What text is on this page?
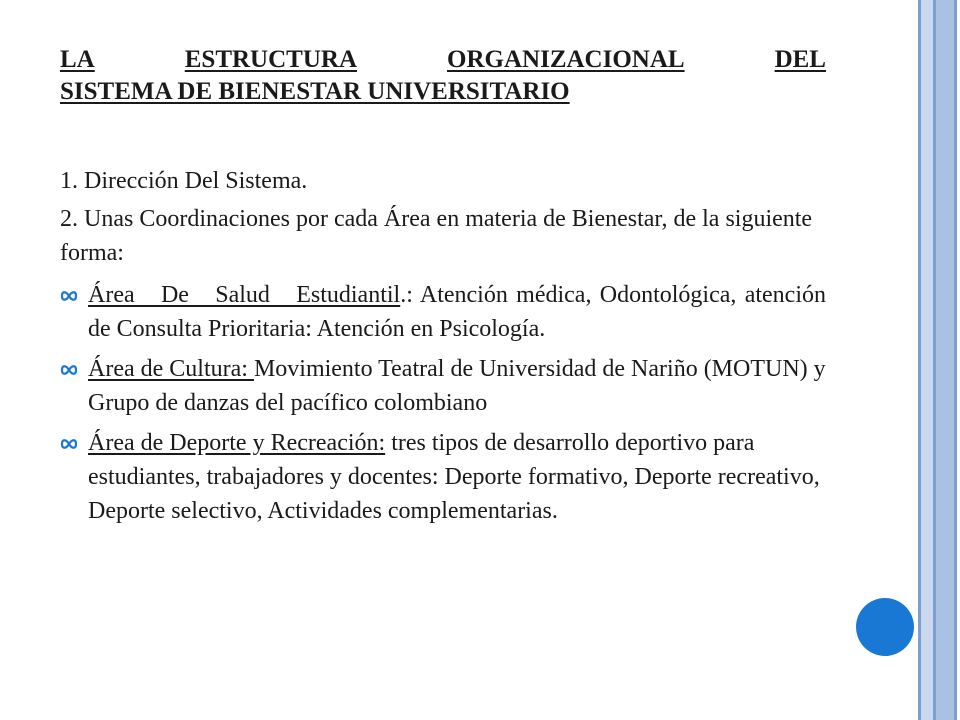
LA	ESTRUCTURA	ORGANIZACIONAL	DEL
SISTEMA DE BIENESTAR UNIVERSITARIO

1. Dirección Del Sistema.

2. Unas Coordinaciones por cada Área en materia de Bienestar, de la siguiente forma:

Área De Salud Estudiantil.: Atención médica, Odontológica, atención de Consulta Prioritaria: Atención en Psicología.
Área de Cultura: Movimiento Teatral de Universidad de Nariño (MOTUN) y Grupo de danzas del pacífico colombiano
Área de Deporte y Recreación: tres tipos de desarrollo deportivo para estudiantes, trabajadores y docentes: Deporte formativo, Deporte recreativo, Deporte selectivo, Actividades complementarias.
